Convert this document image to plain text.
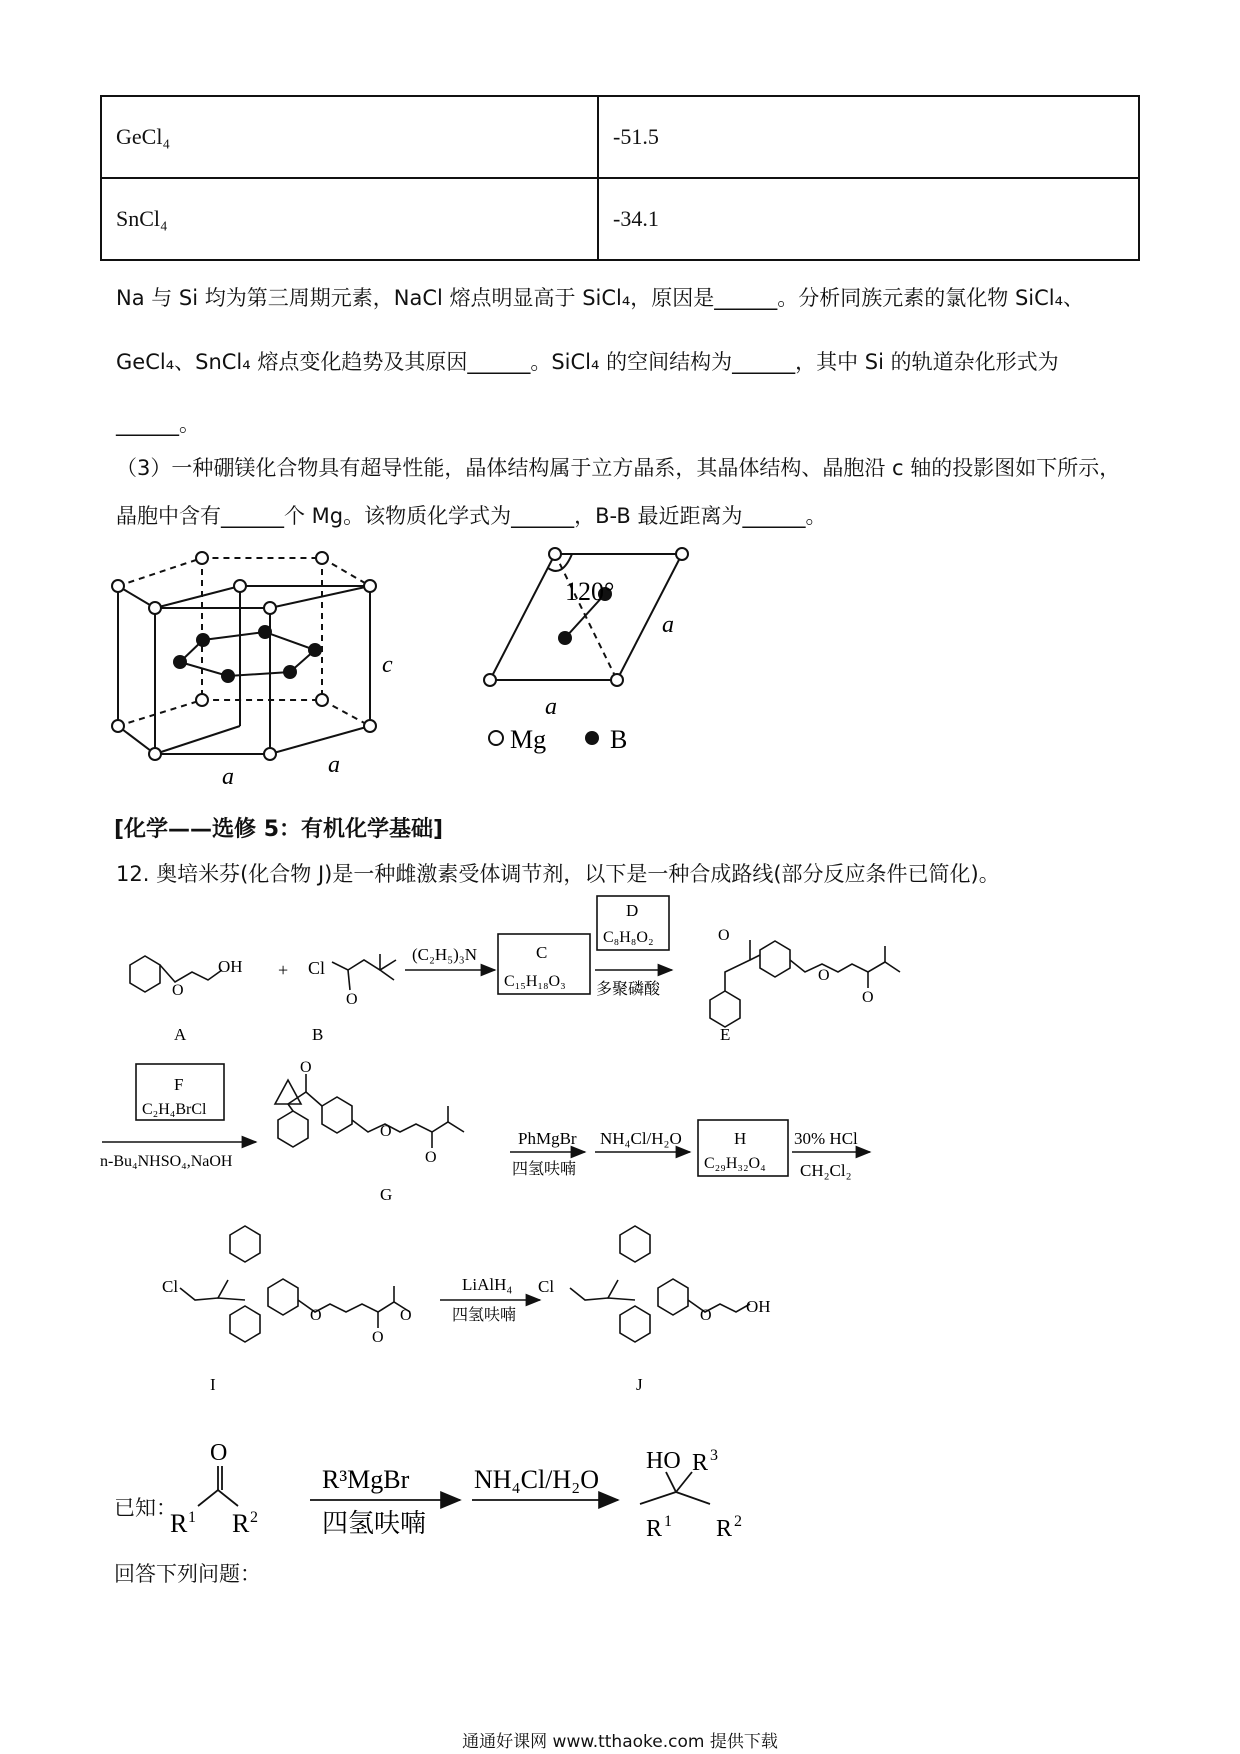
GeCl₄	-51.5
SnCl₄	-34.1
Na 与 Si 均为第三周期元素，NaCl 熔点明显高于 SiCl₄，原因是______。分析同族元素的氯化物 SiCl₄、
GeCl₄、SnCl₄ 熔点变化趋势及其原因______。SiCl₄ 的空间结构为______，其中 Si 的轨道杂化形式为
______。
（3）一种硼镁化合物具有超导性能，晶体结构属于立方晶系，其晶体结构、晶胞沿 c 轴的投影图如下所示，
晶胞中含有______个 Mg。该物质化学式为______，B-B 最近距离为______。
a	a
c
120°
a
a
Mg B
[化学——选修 5：有机化学基础]
12. 奥培米芬(化合物 J)是一种雌激素受体调节剂，以下是一种合成路线(部分反应条件已简化)。
OH + Cl
O
O
A	B
(C₂H₅)₃N	C
C₁₅H₁₈O₃
D
C₈H₈O₂
多聚磷酸
E
O
O
O
F
C₂H₄BrCl
n-Bu₄NHSO₄,NaOH
O
O
O
G
PhMgBr
四氢呋喃
NH₄Cl/H₂O	H
C₂₉H₃₂O₄
30% HCl
CH₂Cl₂
Cl
O
O
O
I
LiAlH₄
四氢呋喃
Cl
O OH
J
已知：
O
R 1 R 2
R³MgBr
四氢呋喃
NH₄Cl/H₂O
HO R 3
R 1 R 2
回答下列问题：
通通好课网 www.tthaoke.com 提供下载
